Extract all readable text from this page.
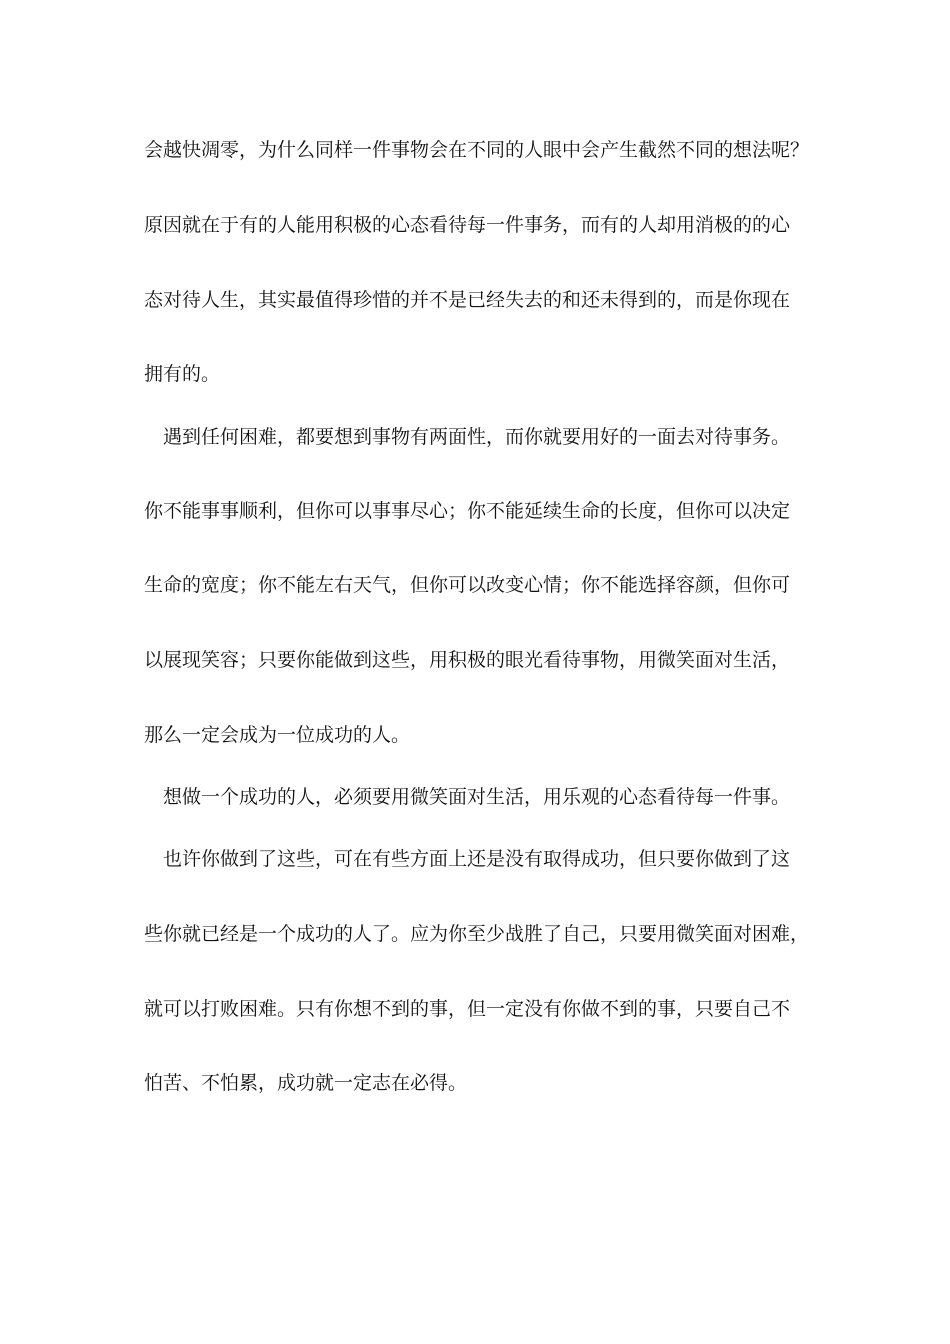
会越快凋零，为什么同样一件事物会在不同的人眼中会产生截然不同的想法呢？
原因就在于有的人能用积极的心态看待每一件事务，而有的人却用消极的的心
态对待人生，其实最值得珍惜的并不是已经失去的和还未得到的，而是你现在
拥有的。
遇到任何困难，都要想到事物有两面性，而你就要用好的一面去对待事务。
你不能事事顺利，但你可以事事尽心；你不能延续生命的长度，但你可以决定
生命的宽度；你不能左右天气，但你可以改变心情；你不能选择容颜，但你可
以展现笑容；只要你能做到这些，用积极的眼光看待事物，用微笑面对生活，
那么一定会成为一位成功的人。
想做一个成功的人，必须要用微笑面对生活，用乐观的心态看待每一件事。
也许你做到了这些，可在有些方面上还是没有取得成功，但只要你做到了这
些你就已经是一个成功的人了。应为你至少战胜了自己，只要用微笑面对困难，
就可以打败困难。只有你想不到的事，但一定没有你做不到的事，只要自己不
怕苦、不怕累，成功就一定志在必得。
